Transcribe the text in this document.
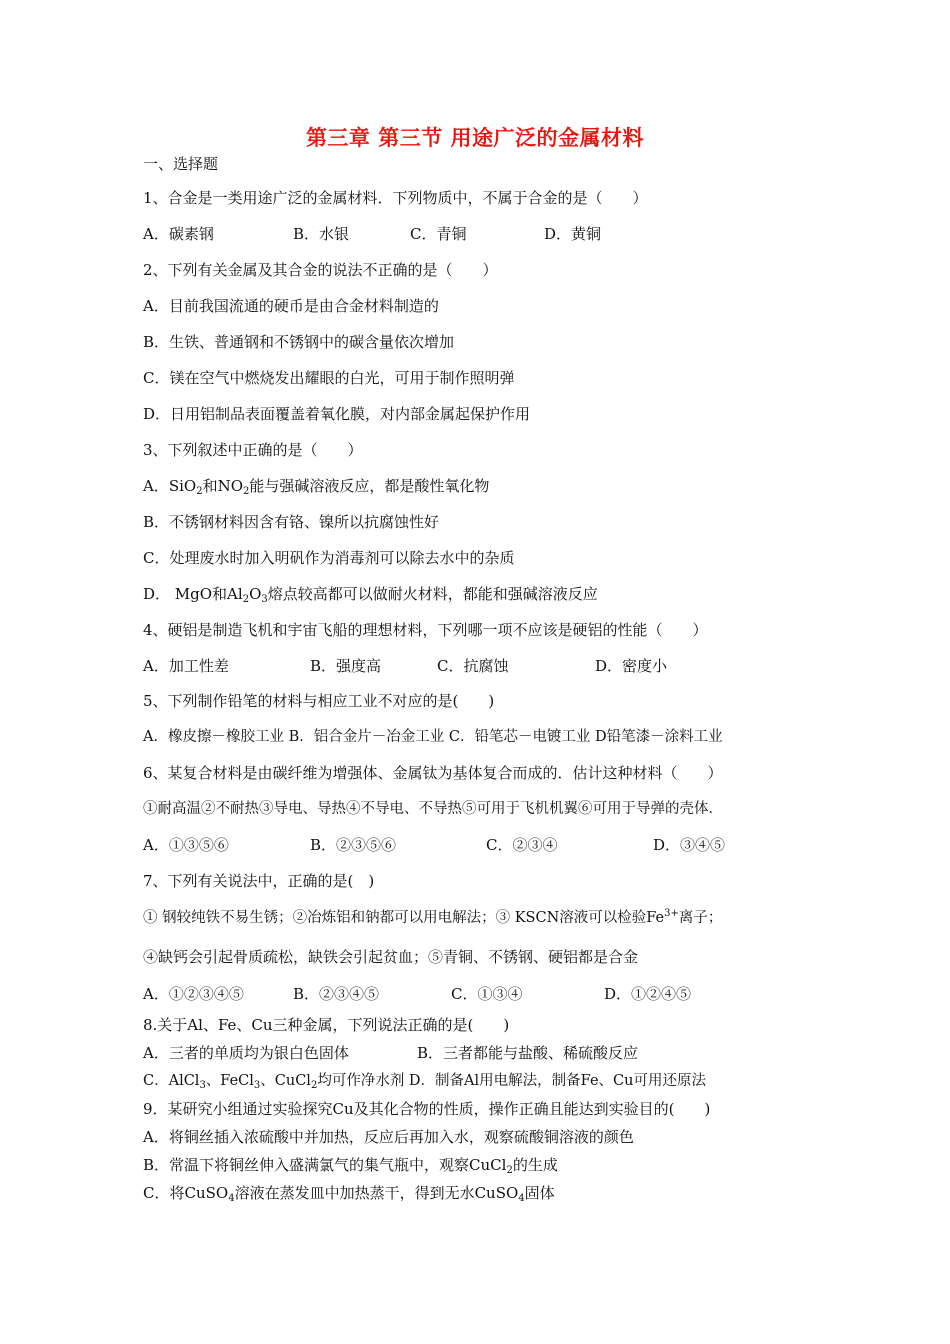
第三章 第三节 用途广泛的金属材料
一、选择题
1、合金是一类用途广泛的金属材料．下列物质中，不属于合金的是（　　）
A．碳素钢	B．水银	C．青铜	D．黄铜
2、下列有关金属及其合金的说法不正确的是（　　）
A．目前我国流通的硬币是由合金材料制造的
B．生铁、普通钢和不锈钢中的碳含量依次增加
C．镁在空气中燃烧发出耀眼的白光，可用于制作照明弹
D．日用铝制品表面覆盖着氧化膜，对内部金属起保护作用
3、下列叙述中正确的是（　　）
A．SiO$_2$和$NO_2$能与强碱溶液反应，都是酸性氧化物
B．不锈钢材料因含有铬、镍所以抗腐蚀性好
C．处理废水时加入明矾作为消毒剂可以除去水中的杂质
D． MgO和$Al_2O_3$熔点较高都可以做耐火材料，都能和强碱溶液反应
4、硬铝是制造飞机和宇宙飞船的理想材料，下列哪一项不应该是硬铝的性能（　　）
A．加工性差	B．强度高	C．抗腐蚀	D．密度小
5、下列制作铅笔的材料与相应工业不对应的是(　　)
A．橡皮擦－橡胶工业 B．铝合金片－冶金工业 C．铅笔芯－电镀工业 D铅笔漆－涂料工业
6、某复合材料是由碳纤维为增强体、金属钛为基体复合而成的．估计这种材料（　　）
①耐高温②不耐热③导电、导热④不导电、不导热⑤可用于飞机机翼⑥可用于导弹的壳体．
A．①③⑤⑥	B．②③⑤⑥	C．②③④	D．③④⑤
7、下列有关说法中，正确的是(　)
① 钢较纯铁不易生锈；②冶炼铝和钠都可以用电解法；③ KSCN溶液可以检验$Fe^{3+}$离子；
④缺钙会引起骨质疏松，缺铁会引起贫血；⑤青铜、不锈钢、硬铝都是合金
A．①②③④⑤	B．②③④⑤	C．①③④	D．①②④⑤
8.关于Al、Fe、Cu三种金属，下列说法正确的是(　　)
A．三者的单质均为银白色固体	B．三者都能与盐酸、稀硫酸反应
C．AlCl$_3$、FeCl$_3$、CuCl$_2$均可作净水剂 D．制备Al用电解法，制备Fe、Cu可用还原法
9．某研究小组通过实验探究Cu及其化合物的性质，操作正确且能达到实验目的(　　)
A．将铜丝插入浓硫酸中并加热，反应后再加入水，观察硫酸铜溶液的颜色
B．常温下将铜丝伸入盛满氯气的集气瓶中，观察CuCl$_2$的生成
C．将CuSO$_4$溶液在蒸发皿中加热蒸干，得到无水CuSO$_4$固体
